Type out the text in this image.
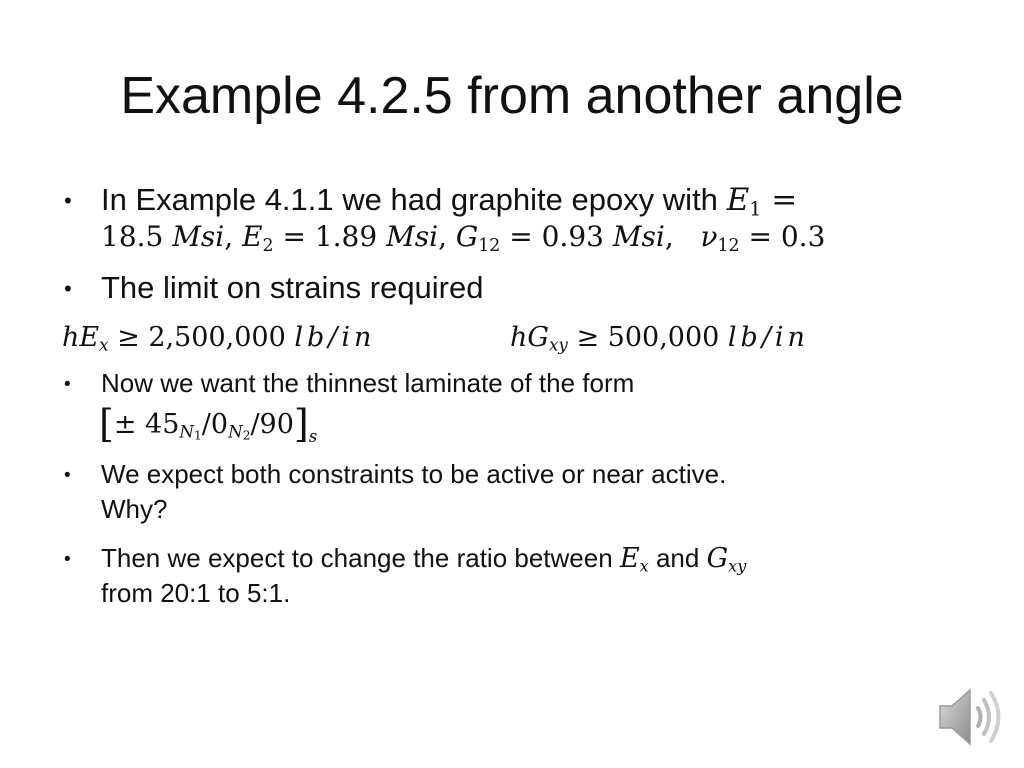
Example 4.2.5 from another angle
• In Example 4.1.1 we had graphite epoxy with $E_1$ =
18.5 Msi, $E_2 = 1.89$ Msi, $G_{12} = 0.93$ Msi, $\nu_{12} = 0.3$
• The limit on strains required
$hE_x \ge 2,500,000$ lb/in	$hG_{xy} \ge 500,000$ lb/in
• Now we want the thinnest laminate of the form
[± $45_{N1}/0_{N2}/90]_s$
• We expect both constraints to be active or near active.
Why?
• Then we expect to change the ratio between $E_x$ and $G_{xy}$
from 20:1 to 5:1.
